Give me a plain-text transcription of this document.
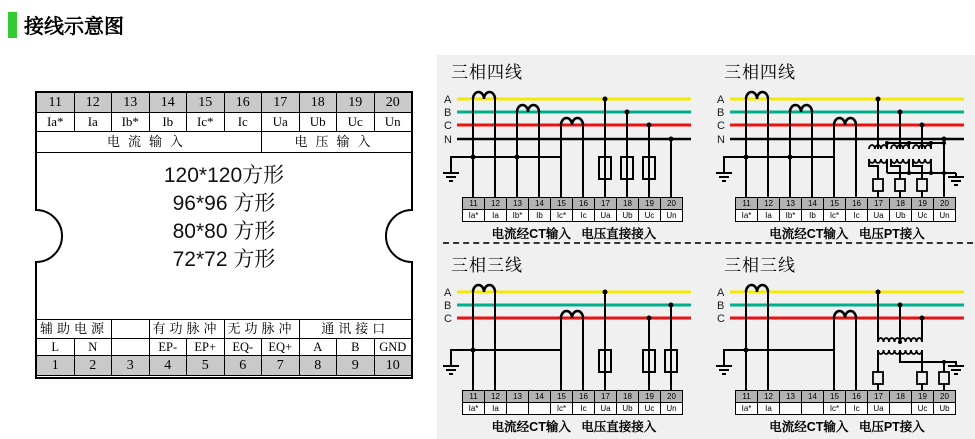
接线示意图
11	12	13	14	15	16	17	18	19	20
Ia*	Ia	Ib*	Ib	Ic*	Ic	Ua	Ub	Uc	Un
电流输入						电压输入			
120*120方形
96*96 方形
80*80 方形
72*72 方形
辅助电源			有功脉冲		无功脉冲		通讯接口		
L	N		EP-	EP+	EQ-	EQ+	A	B	GND
1	2	3	4	5	6	7	8	9	10
三相四线
A
B
C
N
11	12	13	14	15	16	17	18	19	20
Ia*	Ia	Ib*	Ib	Ic*	Ic	Ua	Ub	Uc	Un
电流经CT输入 电压直接接入
三相四线
A
B
C
N
11	12	13	14	15	16	17	18	19	20
Ia*	Ia	Ib*	Ib	Ic*	Ic	Ua	Ub	Uc	Un
电流经CT输入 电压PT接入
三相三线
A
B
C
11	12	13	14	15	16	17	18	19	20
Ia*	Ia			Ic*	Ic	Ua	Ub	Uc	Un
电流经CT输入 电压直接接入
三相三线
A
B
C
11	12	13	14	15	16	17	18	19	20
Ia*	Ia			Ic*	Ic	Ua		Uc	Ub
电流经CT输入 电压PT接入
